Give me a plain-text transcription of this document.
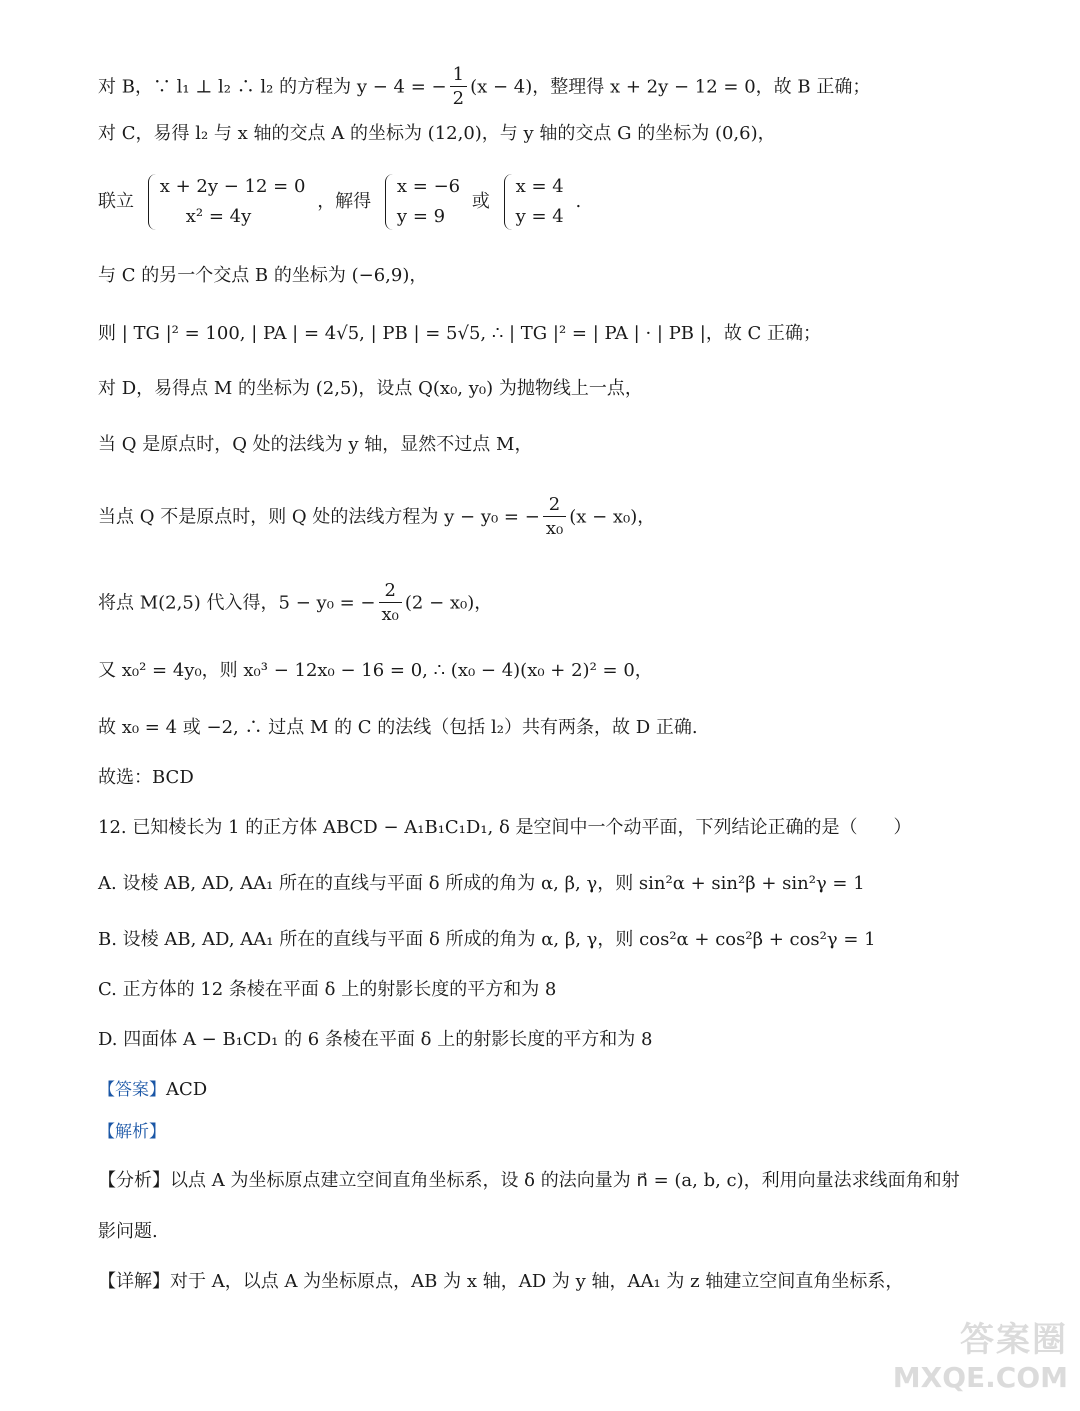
对 B，∵ l₁ ⊥ l₂ ∴ l₂ 的方程为 y − 4 = − $\frac{1}{2} (x - 4)$，整理得 x + 2y − 12 = 0，故 B 正确；
对 C，易得 l₂ 与 x 轴的交点 A 的坐标为 (12,0)，与 y 轴的交点 G 的坐标为 (0,6)，
联立
x + 2y − 12 = 0
x² = 4y
，解得
x = −6
y = 9
或
x = 4
y = 4
.
与 C 的另一个交点 B 的坐标为 (−6,9)，
则 | TG |² = 100, | PA | = 4√5, | PB | = 5√5, ∴ | TG |² = | PA | · | PB |，故 C 正确；
对 D，易得点 M 的坐标为 (2,5)，设点 Q(x₀, y₀) 为抛物线上一点，
当 Q 是原点时，Q 处的法线为 y 轴，显然不过点 M，
当点 Q 不是原点时，则 Q 处的法线方程为 y − y₀ = − $\frac{2}{\text{x₀}} (x - x_0)$，
将点 M(2,5) 代入得，5 − y₀ = − $\frac{2}{\text{x₀}} (2 - x_0)$，
又 x₀² = 4y₀，则 x₀³ − 12x₀ − 16 = 0, ∴ (x₀ − 4)(x₀ + 2)² = 0，
故 x₀ = 4 或 −2, ∴ 过点 M 的 C 的法线（包括 l₂）共有两条，故 D 正确.
故选：BCD
12. 已知棱长为 1 的正方体 ABCD − A₁B₁C₁D₁, δ 是空间中一个动平面，下列结论正确的是（　　）
A. 设棱 AB, AD, AA₁ 所在的直线与平面 δ 所成的角为 α, β, γ，则 sin²α + sin²β + sin²γ = 1
B. 设棱 AB, AD, AA₁ 所在的直线与平面 δ 所成的角为 α, β, γ，则 cos²α + cos²β + cos²γ = 1
C. 正方体的 12 条棱在平面 δ 上的射影长度的平方和为 8
D. 四面体 A − B₁CD₁ 的 6 条棱在平面 δ 上的射影长度的平方和为 8
【答案】ACD
【解析】
【分析】以点 A 为坐标原点建立空间直角坐标系，设 δ 的法向量为 n⃗ = (a, b, c)，利用向量法求线面角和射
影问题.
【详解】对于 A，以点 A 为坐标原点，AB 为 x 轴，AD 为 y 轴，AA₁ 为 z 轴建立空间直角坐标系，
答案圈
MXQE.COM
